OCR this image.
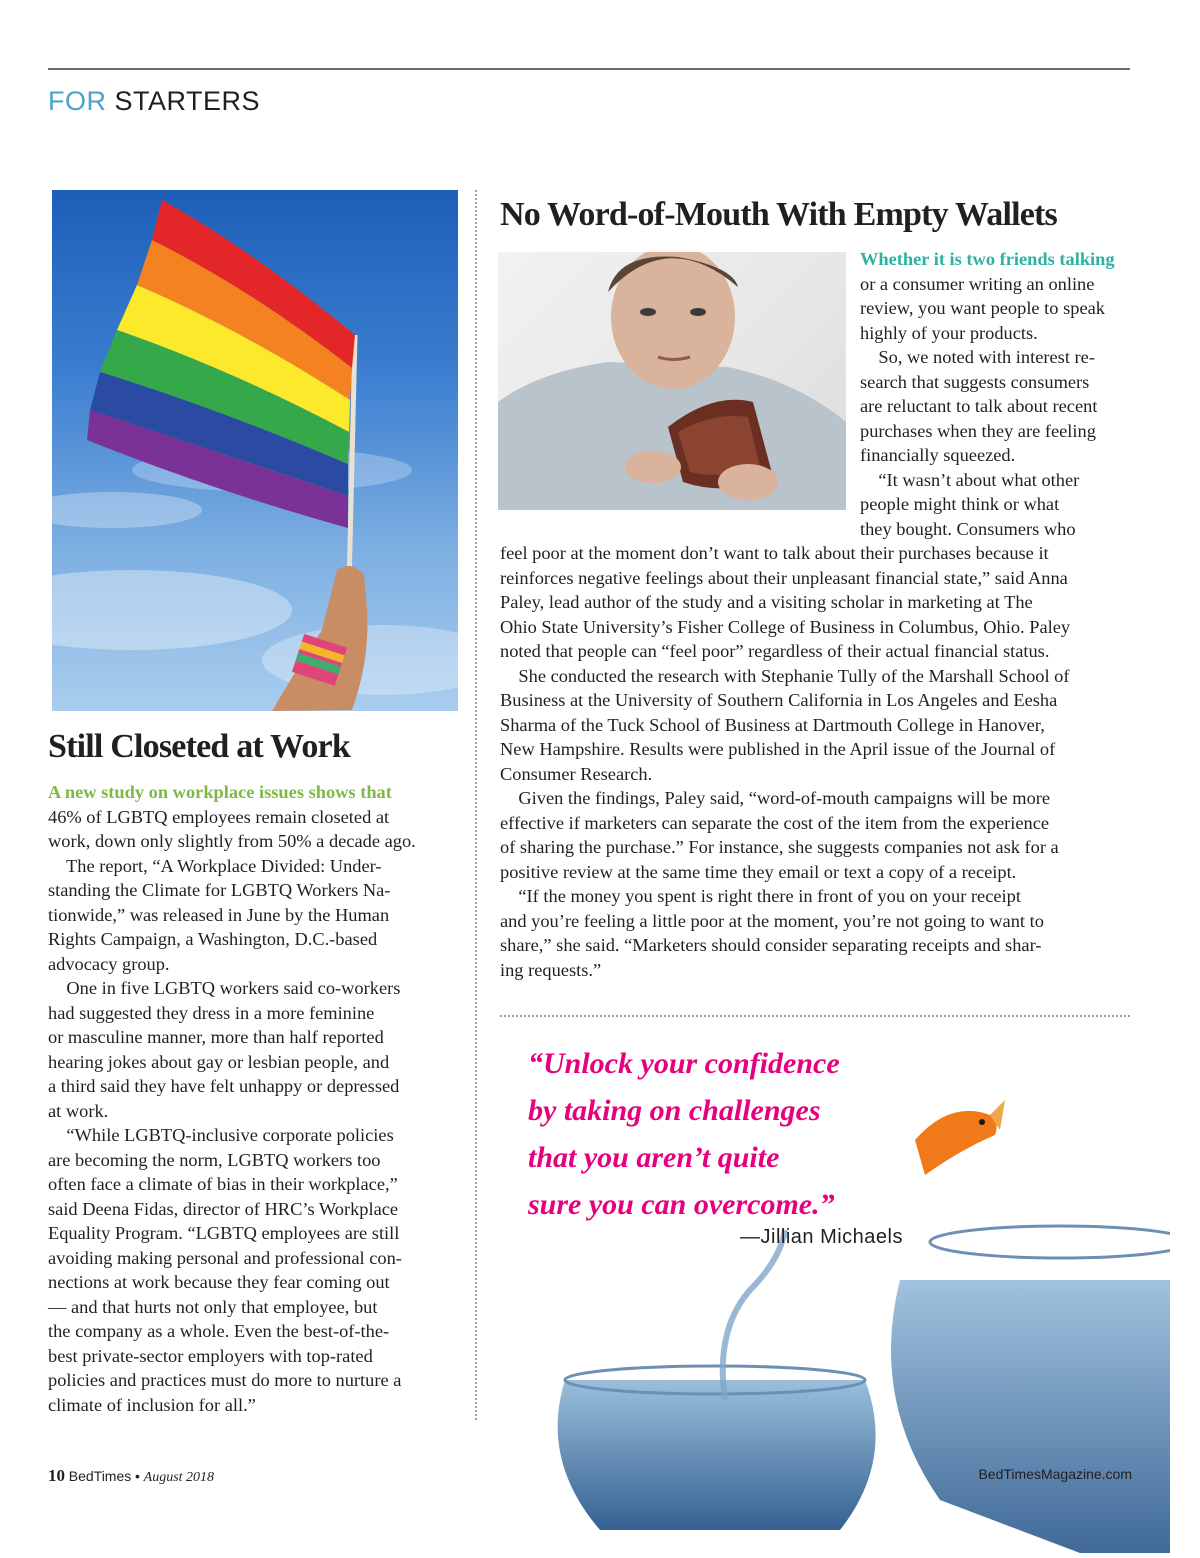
FOR STARTERS
No Word-of-Mouth With Empty Wallets
Still Closeted at Work
A new study on workplace issues shows that
46% of LGBTQ employees remain closeted at
work, down only slightly from 50% a decade ago.
The report, “A Workplace Divided: Under-
standing the Climate for LGBTQ Workers Na-
tionwide,” was released in June by the Human
Rights Campaign, a Washington, D.C.-based
advocacy group.
One in five LGBTQ workers said co-workers
had suggested they dress in a more feminine
or masculine manner, more than half reported
hearing jokes about gay or lesbian people, and
a third said they have felt unhappy or depressed
at work.
“While LGBTQ-inclusive corporate policies
are becoming the norm, LGBTQ workers too
often face a climate of bias in their workplace,”
said Deena Fidas, director of HRC’s Workplace
Equality Program. “LGBTQ employees are still
avoiding making personal and professional con-
nections at work because they fear coming out
— and that hurts not only that employee, but
the company as a whole. Even the best-of-the-
best private-sector employers with top-rated
policies and practices must do more to nurture a
climate of inclusion for all.”
Whether it is two friends talking
or a consumer writing an online
review, you want people to speak
highly of your products.
So, we noted with interest re-
search that suggests consumers
are reluctant to talk about recent
purchases when they are feeling
financially squeezed.
“It wasn’t about what other
people might think or what
they bought. Consumers who
feel poor at the moment don’t want to talk about their purchases because it
reinforces negative feelings about their unpleasant financial state,” said Anna
Paley, lead author of the study and a visiting scholar in marketing at The
Ohio State University’s Fisher College of Business in Columbus, Ohio. Paley
noted that people can “feel poor” regardless of their actual financial status.
She conducted the research with Stephanie Tully of the Marshall School of
Business at the University of Southern California in Los Angeles and Eesha
Sharma of the Tuck School of Business at Dartmouth College in Hanover,
New Hampshire. Results were published in the April issue of the Journal of
Consumer Research.
Given the findings, Paley said, “word-of-mouth campaigns will be more
effective if marketers can separate the cost of the item from the experience
of sharing the purchase.” For instance, she suggests companies not ask for a
positive review at the same time they email or text a copy of a receipt.
“If the money you spent is right there in front of you on your receipt
and you’re feeling a little poor at the moment, you’re not going to want to
share,” she said. “Marketers should consider separating receipts and shar-
ing requests.”
“Unlock your confidence
by taking on challenges
that you aren’t quite
sure you can overcome.”
—Jillian Michaels
10 BedTimes • August 2018	BedTimesMagazine.com
